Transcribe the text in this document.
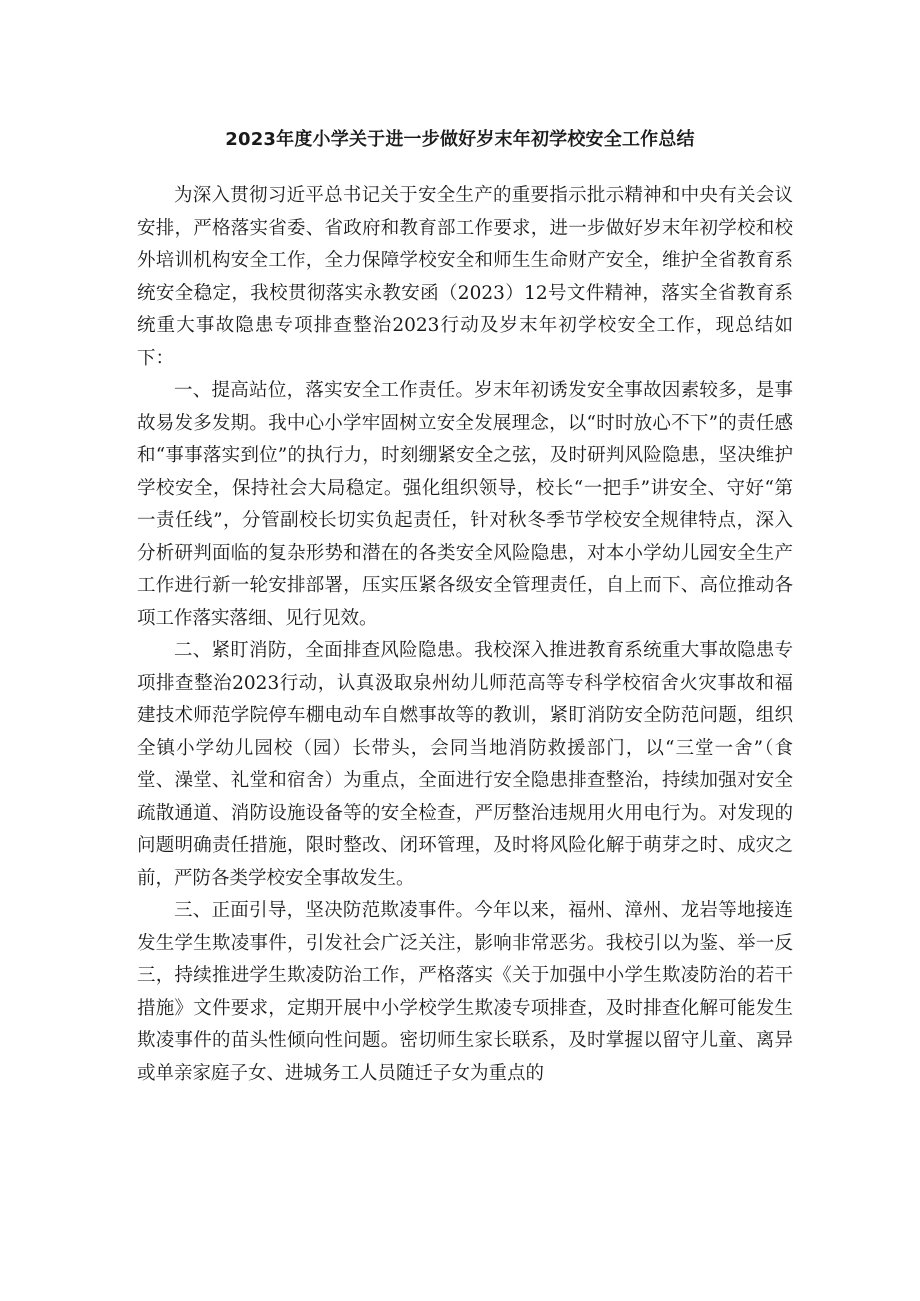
2023年度小学关于进一步做好岁末年初学校安全工作总结

为深入贯彻习近平总书记关于安全生产的重要指示批示精神和中央有关会议安排，严格落实省委、省政府和教育部工作要求，进一步做好岁末年初学校和校外培训机构安全工作，全力保障学校安全和师生生命财产安全，维护全省教育系统安全稳定，我校贯彻落实永教安函（2023）12号文件精神，落实全省教育系统重大事故隐患专项排查整治2023行动及岁末年初学校安全工作，现总结如下：

一、提高站位，落实安全工作责任。岁末年初诱发安全事故因素较多，是事故易发多发期。我中心小学牢固树立安全发展理念，以“时时放心不下”的责任感和“事事落实到位”的执行力，时刻绷紧安全之弦，及时研判风险隐患，坚决维护学校安全，保持社会大局稳定。强化组织领导，校长“一把手”讲安全、守好“第一责任线”，分管副校长切实负起责任，针对秋冬季节学校安全规律特点，深入分析研判面临的复杂形势和潜在的各类安全风险隐患，对本小学幼儿园安全生产工作进行新一轮安排部署，压实压紧各级安全管理责任，自上而下、高位推动各项工作落实落细、见行见效。

二、紧盯消防，全面排查风险隐患。我校深入推进教育系统重大事故隐患专项排查整治2023行动，认真汲取泉州幼儿师范高等专科学校宿舍火灾事故和福建技术师范学院停车棚电动车自燃事故等的教训，紧盯消防安全防范问题，组织全镇小学幼儿园校（园）长带头，会同当地消防救援部门，以“三堂一舍”（食堂、澡堂、礼堂和宿舍）为重点，全面进行安全隐患排查整治，持续加强对安全疏散通道、消防设施设备等的安全检查，严厉整治违规用火用电行为。对发现的问题明确责任措施，限时整改、闭环管理，及时将风险化解于萌芽之时、成灾之前，严防各类学校安全事故发生。

三、正面引导，坚决防范欺凌事件。今年以来，福州、漳州、龙岩等地接连发生学生欺凌事件，引发社会广泛关注，影响非常恶劣。我校引以为鉴、举一反三，持续推进学生欺凌防治工作，严格落实《关于加强中小学生欺凌防治的若干措施》文件要求，定期开展中小学校学生欺凌专项排查，及时排查化解可能发生欺凌事件的苗头性倾向性问题。密切师生家长联系，及时掌握以留守儿童、离异或单亲家庭子女、进城务工人员随迁子女为重点的
